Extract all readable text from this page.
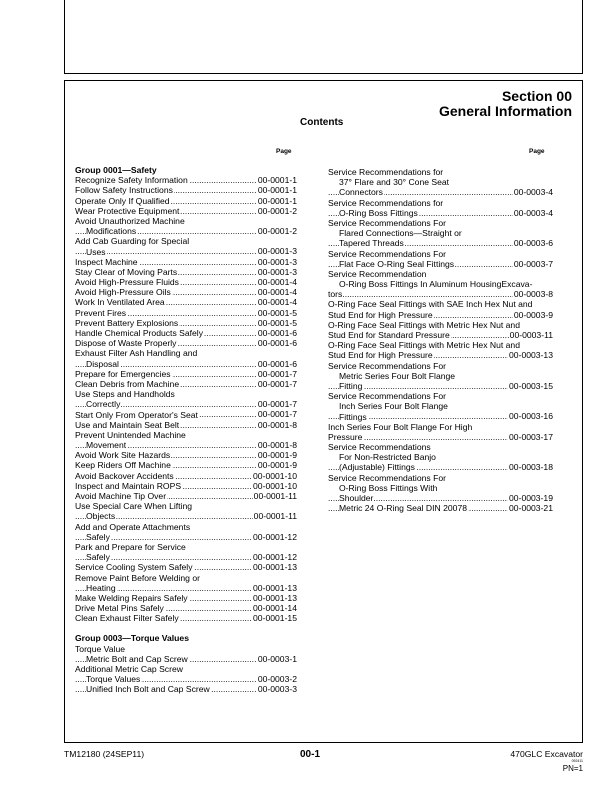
Section 00
General Information
Contents
Page	Page
Group 0001—Safety
Recognize Safety Information	00-0001-1
.....
Follow Safety Instructions	00-0001-1
.....
Operate Only If Qualified	00-0001-1
.....
Wear Protective Equipment	00-0001-2
.....
Avoid Unauthorized Machine
Modifications	00-0001-2
.....
Add Cab Guarding for Special
Uses	00-0001-3
.....
Inspect Machine	00-0001-3
.....
Stay Clear of Moving Parts	00-0001-3
.....
Avoid High-Pressure Fluids	00-0001-4
.....
Avoid High-Pressure Oils	00-0001-4
.....
Work In Ventilated Area	00-0001-4
.....
Prevent Fires	00-0001-5
.....
Prevent Battery Explosions	00-0001-5
.....
Handle Chemical Products Safely	00-0001-6
.....
Dispose of Waste Properly	00-0001-6
.....
Exhaust Filter Ash Handling and
Disposal	00-0001-6
.....
Prepare for Emergencies	00-0001-7
.....
Clean Debris from Machine	00-0001-7
.....
Use Steps and Handholds
Correctly	00-0001-7
.....
Start Only From Operator's Seat	00-0001-7
.....
Use and Maintain Seat Belt	00-0001-8
.....
Prevent Unintended Machine
Movement	00-0001-8
.....
Avoid Work Site Hazards	00-0001-9
.....
Keep Riders Off Machine	00-0001-9
.....
Avoid Backover Accidents	00-0001-10
.....
Inspect and Maintain ROPS	00-0001-10
.....
Avoid Machine Tip Over	00-0001-11
.....
Use Special Care When Lifting
Objects	00-0001-11
.....
Add and Operate Attachments
Safely	00-0001-12
.....
Park and Prepare for Service
Safely	00-0001-12
.....
Service Cooling System Safely	00-0001-13
.....
Remove Paint Before Welding or
Heating	00-0001-13
.....
Make Welding Repairs Safely	00-0001-13
.....
Drive Metal Pins Safely	00-0001-14
.....
Clean Exhaust Filter Safely	00-0001-15
.....
Group 0003—Torque Values
Torque Value
Metric Bolt and Cap Screw	00-0003-1
.....
Additional Metric Cap Screw
Torque Values	00-0003-2
.....
Unified Inch Bolt and Cap Screw	00-0003-3
.....
Service Recommendations for
37° Flare and 30° Cone Seat
Connectors	00-0003-4
.....
Service Recommendations for
O-Ring Boss Fittings	00-0003-4
.....
Service Recommendations For
Flared Connections—Straight or
Tapered Threads	00-0003-6
.....
Service Recommendations For
Flat Face O-Ring Seal Fittings	00-0003-7
.....
Service Recommendation
O-Ring Boss Fittings In Aluminum HousingExcava-
tors	00-0003-8
.....
O-Ring Face Seal Fittings with SAE Inch Hex Nut and
Stud End for High Pressure	00-0003-9
.....
O-Ring Face Seal Fittings with Metric Hex Nut and
Stud End for Standard Pressure	00-0003-11
.....
O-Ring Face Seal Fittings with Metric Hex Nut and
Stud End for High Pressure	00-0003-13
.....
Service Recommendations For
Metric Series Four Bolt Flange
Fitting	00-0003-15
.....
Service Recommendations For
Inch Series Four Bolt Flange
Fittings	00-0003-16
.....
Inch Series Four Bolt Flange For High
Pressure	00-0003-17
.....
Service Recommendations
For Non-Restricted Banjo
(Adjustable) Fittings	00-0003-18
.....
Service Recommendations For
O-Ring Boss Fittings With
Shoulder	00-0003-19
.....
Metric 24 O-Ring Seal DIN 20078	00-0003-21
.....
TM12180 (24SEP11)	00-1	470GLC Excavator
092411
PN=1
